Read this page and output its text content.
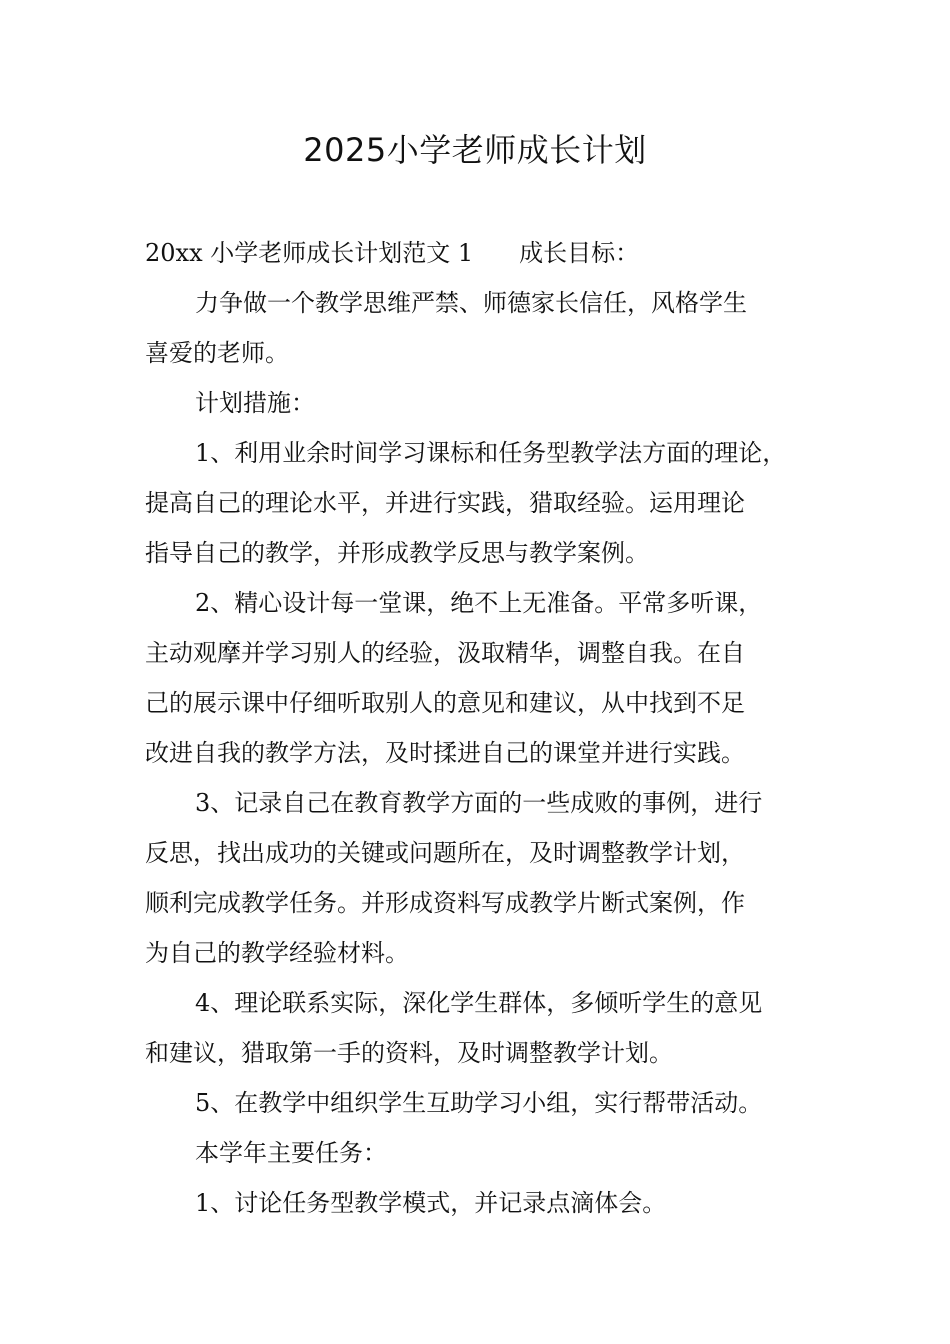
2025小学老师成长计划
20xx 小学老师成长计划范文 1 成长目标：
力争做一个教学思维严禁、师德家长信任，风格学生
喜爱的老师。
计划措施：
1、利用业余时间学习课标和任务型教学法方面的理论，
提高自己的理论水平，并进行实践，猎取经验。运用理论
指导自己的教学，并形成教学反思与教学案例。
2、精心设计每一堂课，绝不上无准备。平常多听课，
主动观摩并学习别人的经验，汲取精华，调整自我。在自
己的展示课中仔细听取别人的意见和建议，从中找到不足
改进自我的教学方法，及时揉进自己的课堂并进行实践。
3、记录自己在教育教学方面的一些成败的事例，进行
反思，找出成功的关键或问题所在，及时调整教学计划，
顺利完成教学任务。并形成资料写成教学片断式案例，作
为自己的教学经验材料。
4、理论联系实际，深化学生群体，多倾听学生的意见
和建议，猎取第一手的资料，及时调整教学计划。
5、在教学中组织学生互助学习小组，实行帮带活动。
本学年主要任务：
1、讨论任务型教学模式，并记录点滴体会。
